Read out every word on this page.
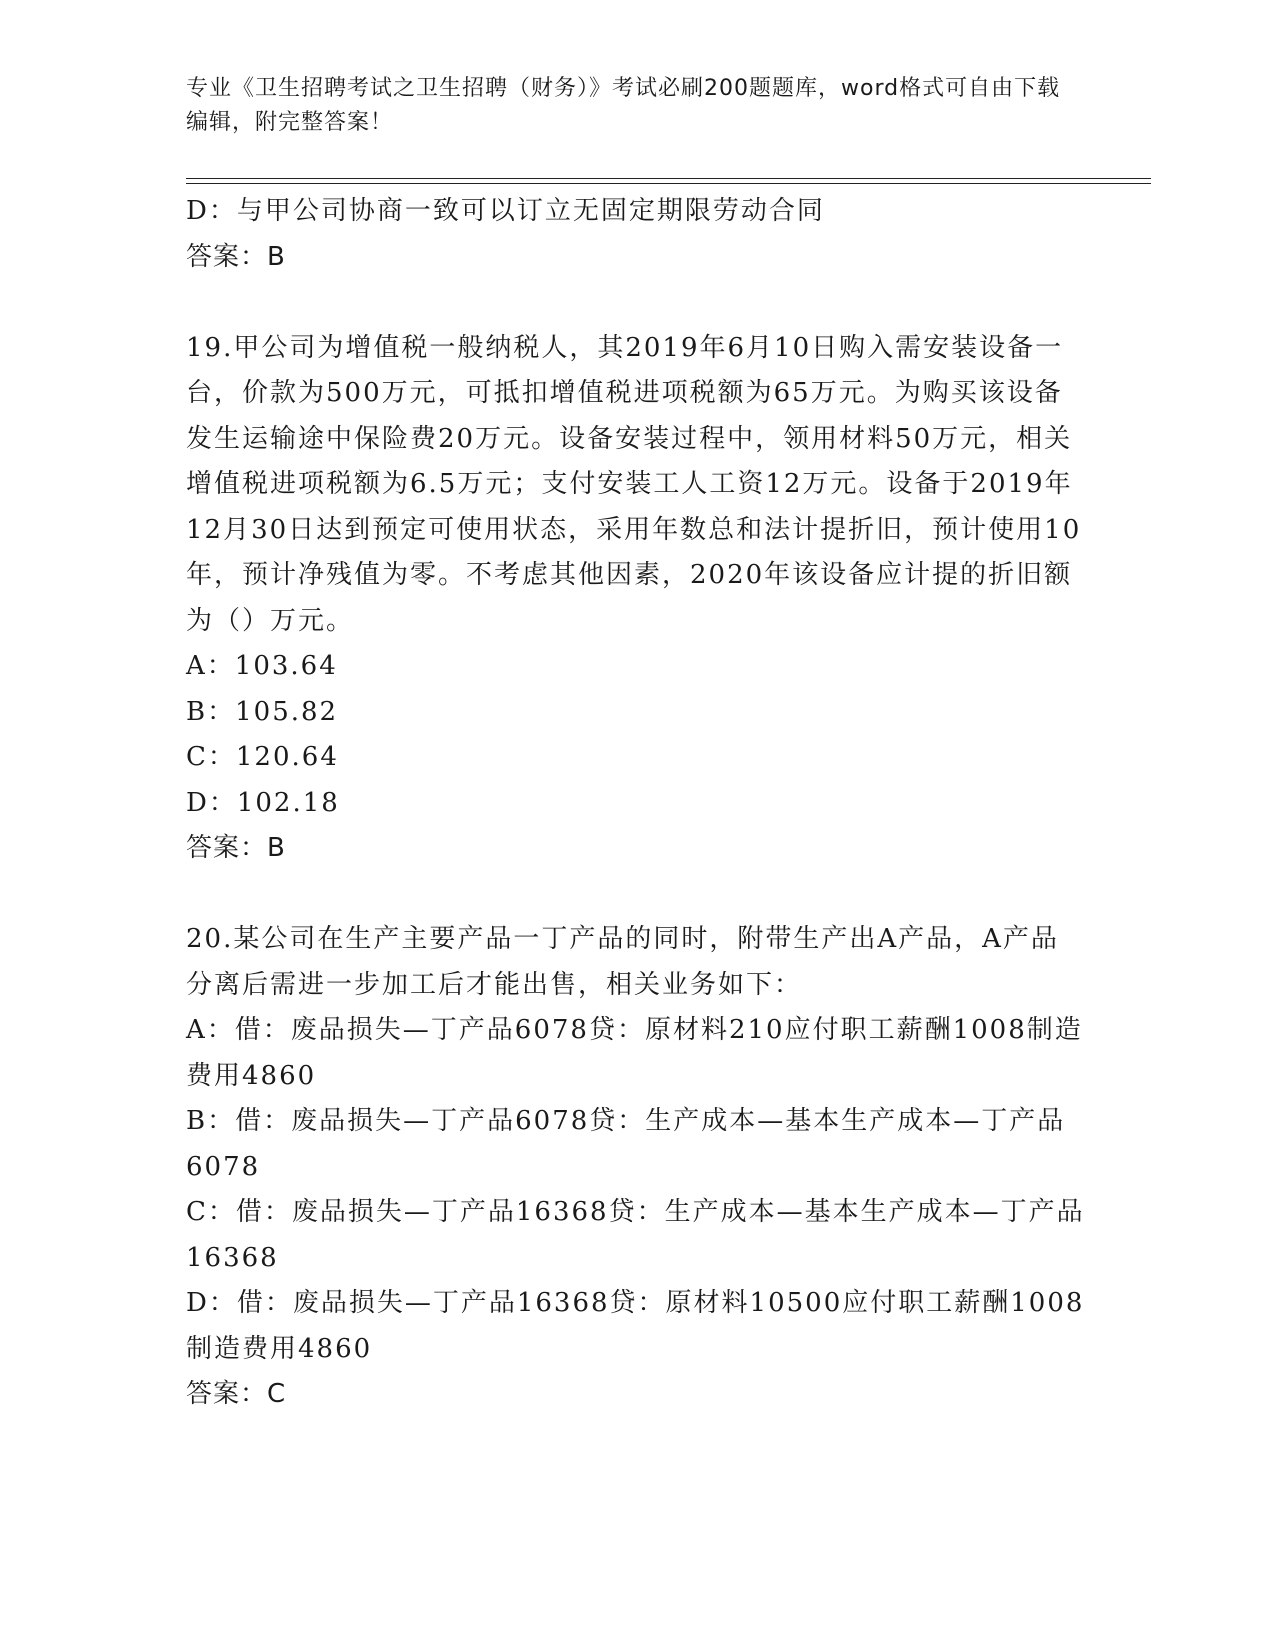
专业《卫生招聘考试之卫生招聘（财务）》考试必刷200题题库，word格式可自由下载编辑，附完整答案！

D：与甲公司协商一致可以订立无固定期限劳动合同

答案：B

19.甲公司为增值税一般纳税人，其2019年6月10日购入需安装设备一台，价款为500万元，可抵扣增值税进项税额为65万元。为购买该设备发生运输途中保险费20万元。设备安装过程中，领用材料50万元，相关增值税进项税额为6.5万元；支付安装工人工资12万元。设备于2019年12月30日达到预定可使用状态，采用年数总和法计提折旧，预计使用10年，预计净残值为零。不考虑其他因素，2020年该设备应计提的折旧额为（）万元。

A：103.64

B：105.82

C：120.64

D：102.18

答案：B

20.某公司在生产主要产品一丁产品的同时，附带生产出A产品，A产品分离后需进一步加工后才能出售，相关业务如下：

A：借：废品损失—丁产品6078贷：原材料210应付职工薪酬1008制造费用4860

B：借：废品损失—丁产品6078贷：生产成本—基本生产成本—丁产品6078

C：借：废品损失—丁产品16368贷：生产成本—基本生产成本—丁产品16368

D：借：废品损失—丁产品16368贷：原材料10500应付职工薪酬1008制造费用4860

答案：C
